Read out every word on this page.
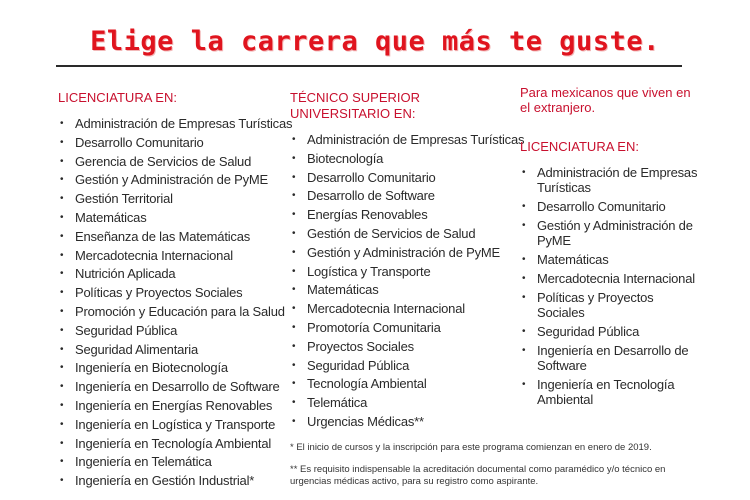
Elige la carrera que más te guste.
LICENCIATURA EN:
• Administración de Empresas Turísticas
• Desarrollo Comunitario
• Gerencia de Servicios de Salud
• Gestión y Administración de PyME
• Gestión Territorial
• Matemáticas
• Enseñanza de las Matemáticas
• Mercadotecnia Internacional
• Nutrición Aplicada
• Políticas y Proyectos Sociales
• Promoción y Educación para la Salud
• Seguridad Pública
• Seguridad Alimentaria
• Ingeniería en Biotecnología
• Ingeniería en Desarrollo de Software
• Ingeniería en Energías Renovables
• Ingeniería en Logística y Transporte
• Ingeniería en Tecnología Ambiental
• Ingeniería en Telemática
• Ingeniería en Gestión Industrial*
TÉCNICO SUPERIOR UNIVERSITARIO EN:
• Administración de Empresas Turísticas
• Biotecnología
• Desarrollo Comunitario
• Desarrollo de Software
• Energías Renovables
• Gestión de Servicios de Salud
• Gestión y Administración de PyME
• Logística y Transporte
• Matemáticas
• Mercadotecnia Internacional
• Promotoría Comunitaria
• Proyectos Sociales
• Seguridad Pública
• Tecnología Ambiental
• Telemática
• Urgencias Médicas**
Para mexicanos que viven en el extranjero.
LICENCIATURA EN:
• Administración de Empresas Turísticas
• Desarrollo Comunitario
• Gestión y Administración de PyME
• Matemáticas
• Mercadotecnia Internacional
• Políticas y Proyectos Sociales
• Seguridad Pública
• Ingeniería en Desarrollo de Software
• Ingeniería en Tecnología Ambiental
* El inicio de cursos y la inscripción para este programa comienzan en enero de 2019.
** Es requisito indispensable la acreditación documental como paramédico y/o técnico en urgencias médicas activo, para su registro como aspirante.
